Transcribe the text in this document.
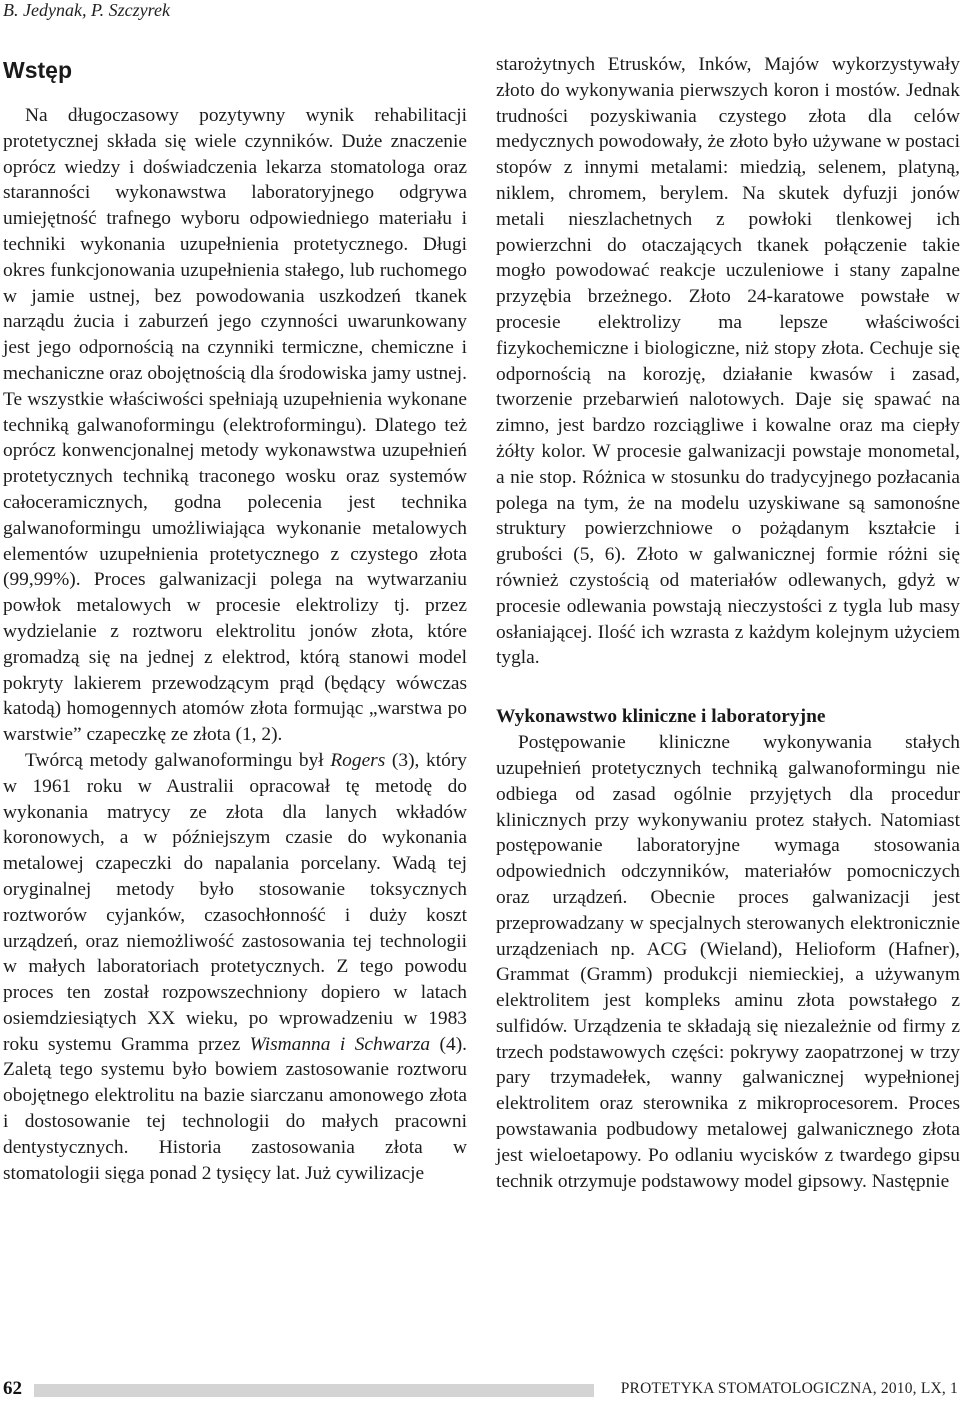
B. Jedynak, P. Szczyrek
Wstęp

Na długoczasowy pozytywny wynik rehabilitacji protetycznej składa się wiele czynników. Duże znaczenie oprócz wiedzy i doświadczenia lekarza stomatologa oraz staranności wykonawstwa laboratoryjnego odgrywa umiejętność trafnego wyboru odpowiedniego materiału i techniki wykonania uzupełnienia protetycznego. Długi okres funkcjonowania uzupełnienia stałego, lub ruchomego w jamie ustnej, bez powodowania uszkodzeń tkanek narządu żucia i zaburzeń jego czynności uwarunkowany jest jego odpornością na czynniki termiczne, chemiczne i mechaniczne oraz obojętnością dla środowiska jamy ustnej. Te wszystkie właściwości spełniają uzupełnienia wykonane techniką galwanoformingu (elektroformingu). Dlatego też oprócz konwencjonalnej metody wykonawstwa uzupełnień protetycznych techniką traconego wosku oraz systemów całoceramicznych, godna polecenia jest technika galwanoformingu umożliwiająca wykonanie metalowych elementów uzupełnienia protetycznego z czystego złota (99,99%). Proces galwanizacji polega na wytwarzaniu powłok metalowych w procesie elektrolizy tj. przez wydzielanie z roztworu elektrolitu jonów złota, które gromadzą się na jednej z elektrod, którą stanowi model pokryty lakierem przewodzącym prąd (będący wówczas katodą) homogennych atomów złota formując „warstwa po warstwie” czapeczkę ze złota (1, 2).

Twórcą metody galwanoformingu był Rogers (3), który w 1961 roku w Australii opracował tę metodę do wykonania matrycy ze złota dla lanych wkładów koronowych, a w późniejszym czasie do wykonania metalowej czapeczki do napalania porcelany. Wadą tej oryginalnej metody było stosowanie toksycznych roztworów cyjanków, czasochłonność i duży koszt urządzeń, oraz niemożliwość zastosowania tej technologii w małych laboratoriach protetycznych. Z tego powodu proces ten został rozpowszechniony dopiero w latach osiemdziesiątych XX wieku, po wprowadzeniu w 1983 roku systemu Gramma przez Wismanna i Schwarza (4). Zaletą tego systemu było bowiem zastosowanie roztworu obojętnego elektrolitu na bazie siarczanu amonowego złota i dostosowanie tej technologii do małych pracowni dentystycznych. Historia zastosowania złota w stomatologii sięga ponad 2 tysięcy lat. Już cywilizacje

starożytnych Etrusków, Inków, Majów wykorzystywały złoto do wykonywania pierwszych koron i mostów. Jednak trudności pozyskiwania czystego złota dla celów medycznych powodowały, że złoto było używane w postaci stopów z innymi metalami: miedzią, selenem, platyną, niklem, chromem, berylem. Na skutek dyfuzji jonów metali nieszlachetnych z powłoki tlenkowej ich powierzchni do otaczających tkanek połączenie takie mogło powodować reakcje uczuleniowe i stany zapalne przyzębia brzeżnego. Złoto 24-karatowe powstałe w procesie elektrolizy ma lepsze właściwości fizykochemiczne i biologiczne, niż stopy złota. Cechuje się odpornością na korozję, działanie kwasów i zasad, tworzenie przebarwień nalotowych. Daje się spawać na zimno, jest bardzo rozciągliwe i kowalne oraz ma ciepły żółty kolor. W procesie galwanizacji powstaje monometal, a nie stop. Różnica w stosunku do tradycyjnego pozłacania polega na tym, że na modelu uzyskiwane są samonośne struktury powierzchniowe o pożądanym kształcie i grubości (5, 6). Złoto w galwanicznej formie różni się również czystością od materiałów odlewanych, gdyż w procesie odlewania powstają nieczystości z tygla lub masy osłaniającej. Ilość ich wzrasta z każdym kolejnym użyciem tygla.

Wykonawstwo kliniczne i laboratoryjne

Postępowanie kliniczne wykonywania stałych uzupełnień protetycznych techniką galwanoformingu nie odbiega od zasad ogólnie przyjętych dla procedur klinicznych przy wykonywaniu protez stałych. Natomiast postępowanie laboratoryjne wymaga stosowania odpowiednich odczynników, materiałów pomocniczych oraz urządzeń. Obecnie proces galwanizacji jest przeprowadzany w specjalnych sterowanych elektronicznie urządzeniach np. ACG (Wieland), Helioform (Hafner), Grammat (Gramm) produkcji niemieckiej, a używanym elektrolitem jest kompleks aminu złota powstałego z sulfidów. Urządzenia te składają się niezależnie od firmy z trzech podstawowych części: pokrywy zaopatrzonej w trzy pary trzymadełek, wanny galwanicznej wypełnionej elektrolitem oraz sterownika z mikroprocesorem. Proces powstawania podbudowy metalowej galwanicznego złota jest wieloetapowy. Po odlaniu wycisków z twardego gipsu technik otrzymuje podstawowy model gipsowy. Następnie

62	PROTETYKA STOMATOLOGICZNA, 2010, LX, 1
